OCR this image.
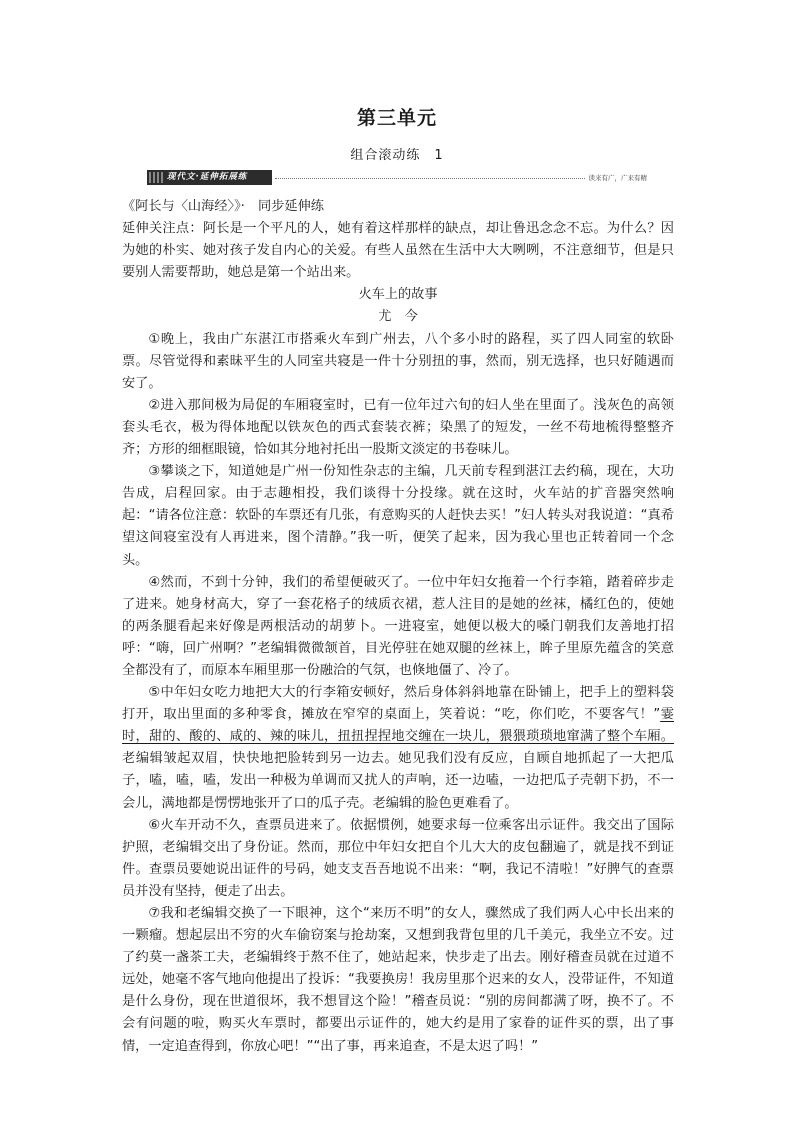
第三单元
组合滚动练　1
现代文·延伸拓展练	读来有广，广来有精

《阿长与〈山海经〉》·　同步延伸练

延伸关注点：阿长是一个平凡的人，她有着这样那样的缺点，却让鲁迅念念不忘。为什么？因为她的朴实、她对孩子发自内心的关爱。有些人虽然在生活中大大咧咧，不注意细节，但是只要别人需要帮助，她总是第一个站出来。

火车上的故事

尤　今

①晚上，我由广东湛江市搭乘火车到广州去，八个多小时的路程，买了四人同室的软卧票。尽管觉得和素昧平生的人同室共寝是一件十分别扭的事，然而，别无选择，也只好随遇而安了。

②进入那间极为局促的车厢寝室时，已有一位年过六旬的妇人坐在里面了。浅灰色的高领套头毛衣，极为得体地配以铁灰色的西式套装衣裤；染黑了的短发，一丝不苟地梳得整整齐齐；方形的细框眼镜，恰如其分地衬托出一股斯文淡定的书卷味儿。

③攀谈之下，知道她是广州一份知性杂志的主编，几天前专程到湛江去约稿，现在，大功告成，启程回家。由于志趣相投，我们谈得十分投缘。就在这时，火车站的扩音器突然响起：“请各位注意：软卧的车票还有几张，有意购买的人赶快去买！”妇人转头对我说道：“真希望这间寝室没有人再进来，图个清静。”我一听，便笑了起来，因为我心里也正转着同一个念头。

④然而，不到十分钟，我们的希望便破灭了。一位中年妇女拖着一个行李箱，踏着碎步走了进来。她身材高大，穿了一套花格子的绒质衣裙，惹人注目的是她的丝袜，橘红色的，使她的两条腿看起来好像是两根活动的胡萝卜。一进寝室，她便以极大的嗓门朝我们友善地打招呼：“嗨，回广州啊？”老编辑微微颔首，目光停驻在她双腿的丝袜上，眸子里原先蕴含的笑意全都没有了，而原本车厢里那一份融洽的气氛，也倏地僵了、冷了。

⑤中年妇女吃力地把大大的行李箱安顿好，然后身体斜斜地靠在卧铺上，把手上的塑料袋打开，取出里面的多种零食，摊放在窄窄的桌面上，笑着说：“吃，你们吃，不要客气！”霎时，甜的、酸的、咸的、辣的味儿，扭扭捏捏地交缠在一块儿，猥猥琐琐地窜满了整个车厢。老编辑皱起双眉，快快地把脸转到另一边去。她见我们没有反应，自顾自地抓起了一大把瓜子，嗑，嗑，嗑，发出一种极为单调而又扰人的声响，还一边嗑，一边把瓜子壳朝下扔，不一会儿，满地都是愣愣地张开了口的瓜子壳。老编辑的脸色更难看了。

⑥火车开动不久，查票员进来了。依据惯例，她要求每一位乘客出示证件。我交出了国际护照，老编辑交出了身份证。然而，那位中年妇女把自个儿大大的皮包翻遍了，就是找不到证件。查票员要她说出证件的号码，她支支吾吾地说不出来：“啊，我记不清啦！”好脾气的查票员并没有坚持，便走了出去。

⑦我和老编辑交换了一下眼神，这个“来历不明”的女人，骤然成了我们两人心中长出来的一颗瘤。想起层出不穷的火车偷窃案与抢劫案，又想到我背包里的几千美元，我坐立不安。过了约莫一盏茶工夫，老编辑终于熬不住了，她站起来，快步走了出去。刚好稽查员就在过道不远处，她毫不客气地向他提出了投诉：“我要换房！我房里那个迟来的女人，没带证件，不知道是什么身份，现在世道很坏，我不想冒这个险！”稽查员说：“别的房间都满了呀，换不了。不会有问题的啦，购买火车票时，都要出示证件的，她大约是用了家眷的证件买的票，出了事情，一定追查得到，你放心吧！”“出了事，再来追查，不是太迟了吗！”
